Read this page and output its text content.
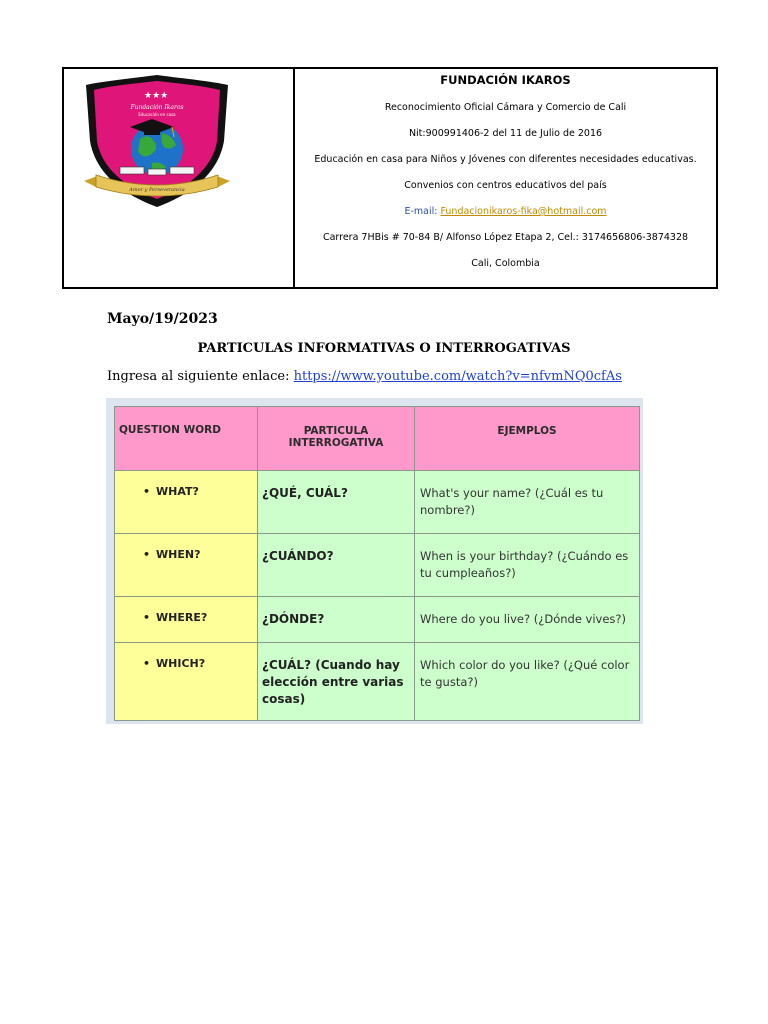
★★★
Fundación Ikaros
Educación en casa
Amor y Perseverancia
FUNDACIÓN IKAROS
Reconocimiento Oficial Cámara y Comercio de Cali
Nit:900991406-2 del 11 de Julio de 2016
Educación en casa para Niños y Jóvenes con diferentes necesidades educativas.
Convenios con centros educativos del país
E-mail: Fundacionikaros-fika@hotmail.com
Carrera 7HBis # 70-84 B/ Alfonso López Etapa 2, Cel.: 3174656806-3874328
Cali, Colombia
Mayo/19/2023
PARTICULAS INFORMATIVAS O INTERROGATIVAS
Ingresa al siguiente enlace: https://www.youtube.com/watch?v=nfvmNQ0cfAs
QUESTION WORD	PARTICULA INTERROGATIVA	EJEMPLOS
• WHAT?	¿QUÉ, CUÁL?	What's your name? (¿Cuál es tu nombre?)
• WHEN?	¿CUÁNDO?	When is your birthday? (¿Cuándo es tu cumpleaños?)
• WHERE?	¿DÓNDE?	Where do you live? (¿Dónde vives?)
• WHICH?	¿CUÁL? (Cuando hay elección entre varias cosas)	Which color do you like? (¿Qué color te gusta?)
